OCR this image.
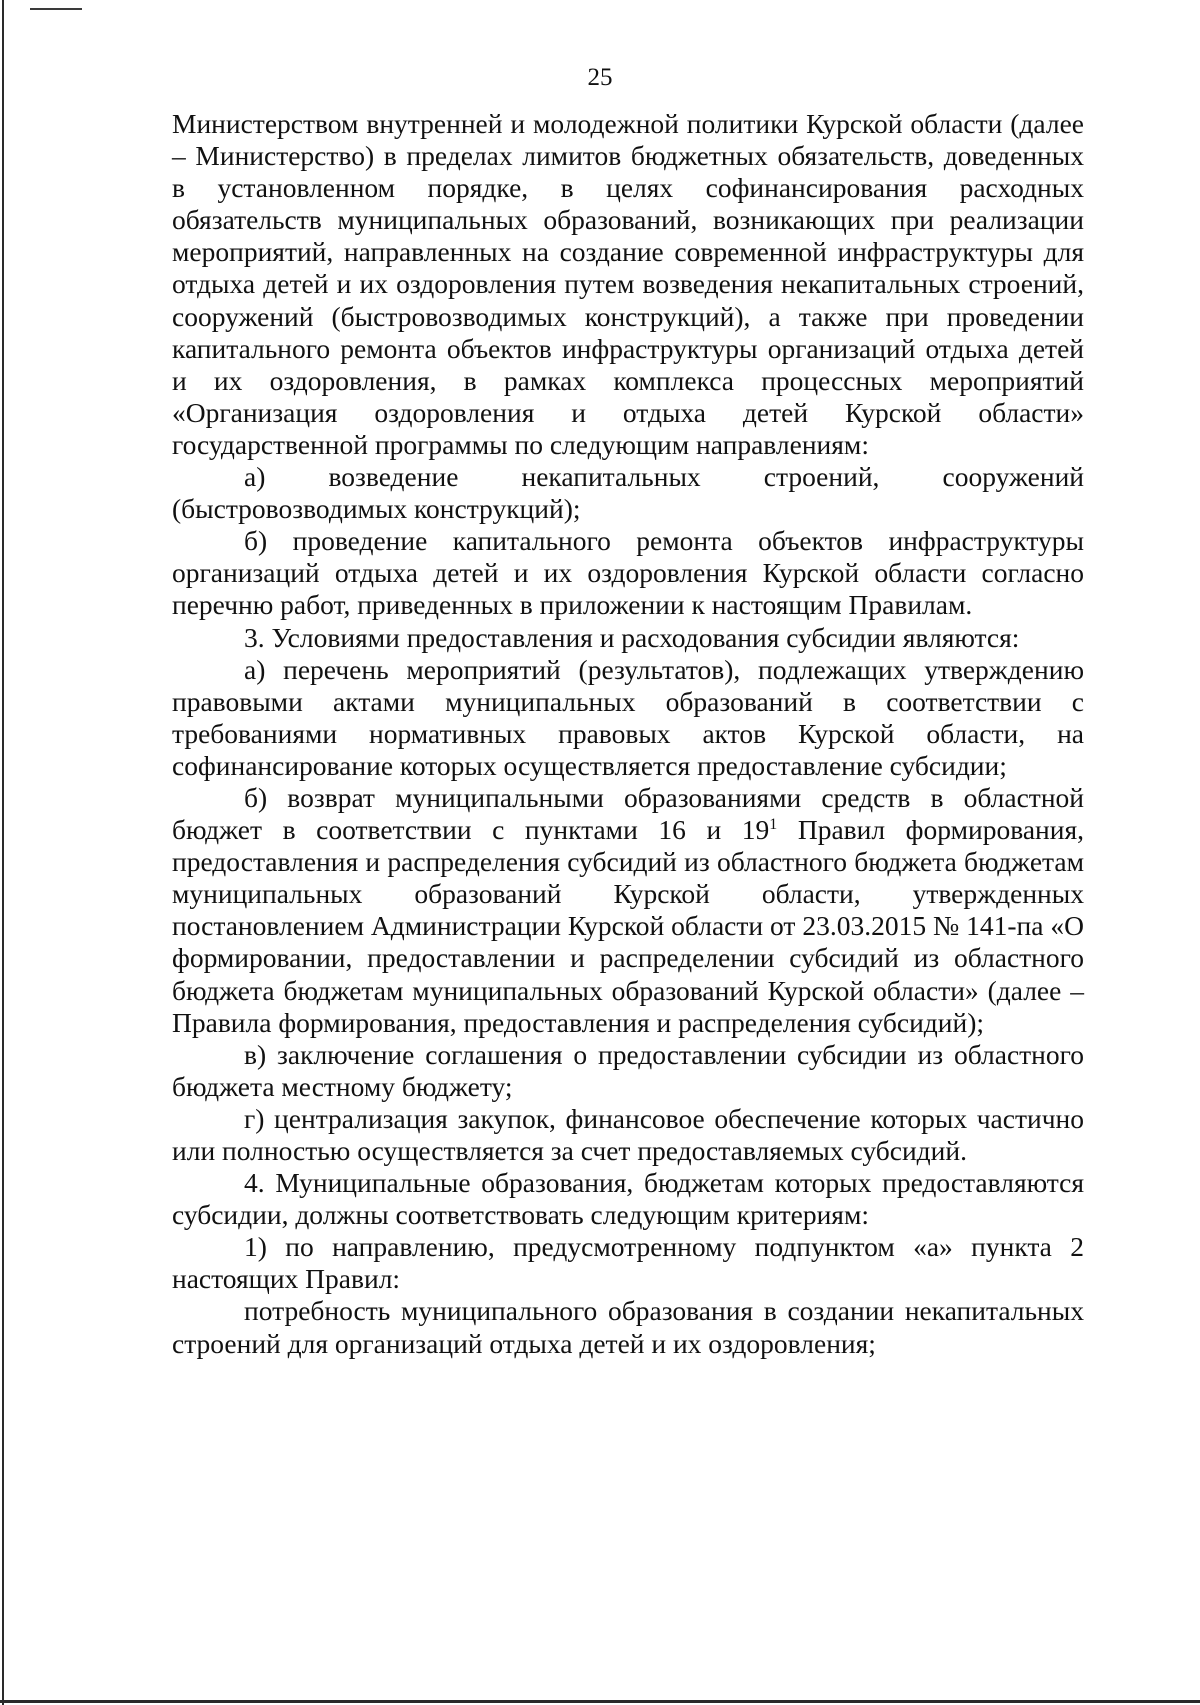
25

Министерством внутренней и молодежной политики Курской области (далее – Министерство) в пределах лимитов бюджетных обязательств, доведенных в установленном порядке, в целях софинансирования расходных обязательств муниципальных образований, возникающих при реализации мероприятий, направленных на создание современной инфраструктуры для отдыха детей и их оздоровления путем возведения некапитальных строений, сооружений (быстровозводимых конструкций), а также при проведении капитального ремонта объектов инфраструктуры организаций отдыха детей и их оздоровления, в рамках комплекса процессных мероприятий «Организация оздоровления и отдыха детей Курской области» государственной программы по следующим направлениям:

а) возведение некапитальных строений, сооружений (быстровозводимых конструкций);

б) проведение капитального ремонта объектов инфраструктуры организаций отдыха детей и их оздоровления Курской области согласно перечню работ, приведенных в приложении к настоящим Правилам.

3. Условиями предоставления и расходования субсидии являются:

а) перечень мероприятий (результатов), подлежащих утверждению правовыми актами муниципальных образований в соответствии с требованиями нормативных правовых актов Курской области, на софинансирование которых осуществляется предоставление субсидии;

б) возврат муниципальными образованиями средств в областной бюджет в соответствии с пунктами 16 и $19^1$ Правил формирования, предоставления и распределения субсидий из областного бюджета бюджетам муниципальных образований Курской области, утвержденных постановлением Администрации Курской области от 23.03.2015 № 141-па «О формировании, предоставлении и распределении субсидий из областного бюджета бюджетам муниципальных образований Курской области» (далее – Правила формирования, предоставления и распределения субсидий);

в) заключение соглашения о предоставлении субсидии из областного бюджета местному бюджету;

г) централизация закупок, финансовое обеспечение которых частично или полностью осуществляется за счет предоставляемых субсидий.

4. Муниципальные образования, бюджетам которых предоставляются субсидии, должны соответствовать следующим критериям:

1) по направлению, предусмотренному подпунктом «а» пункта 2 настоящих Правил:

потребность муниципального образования в создании некапитальных строений для организаций отдыха детей и их оздоровления;
